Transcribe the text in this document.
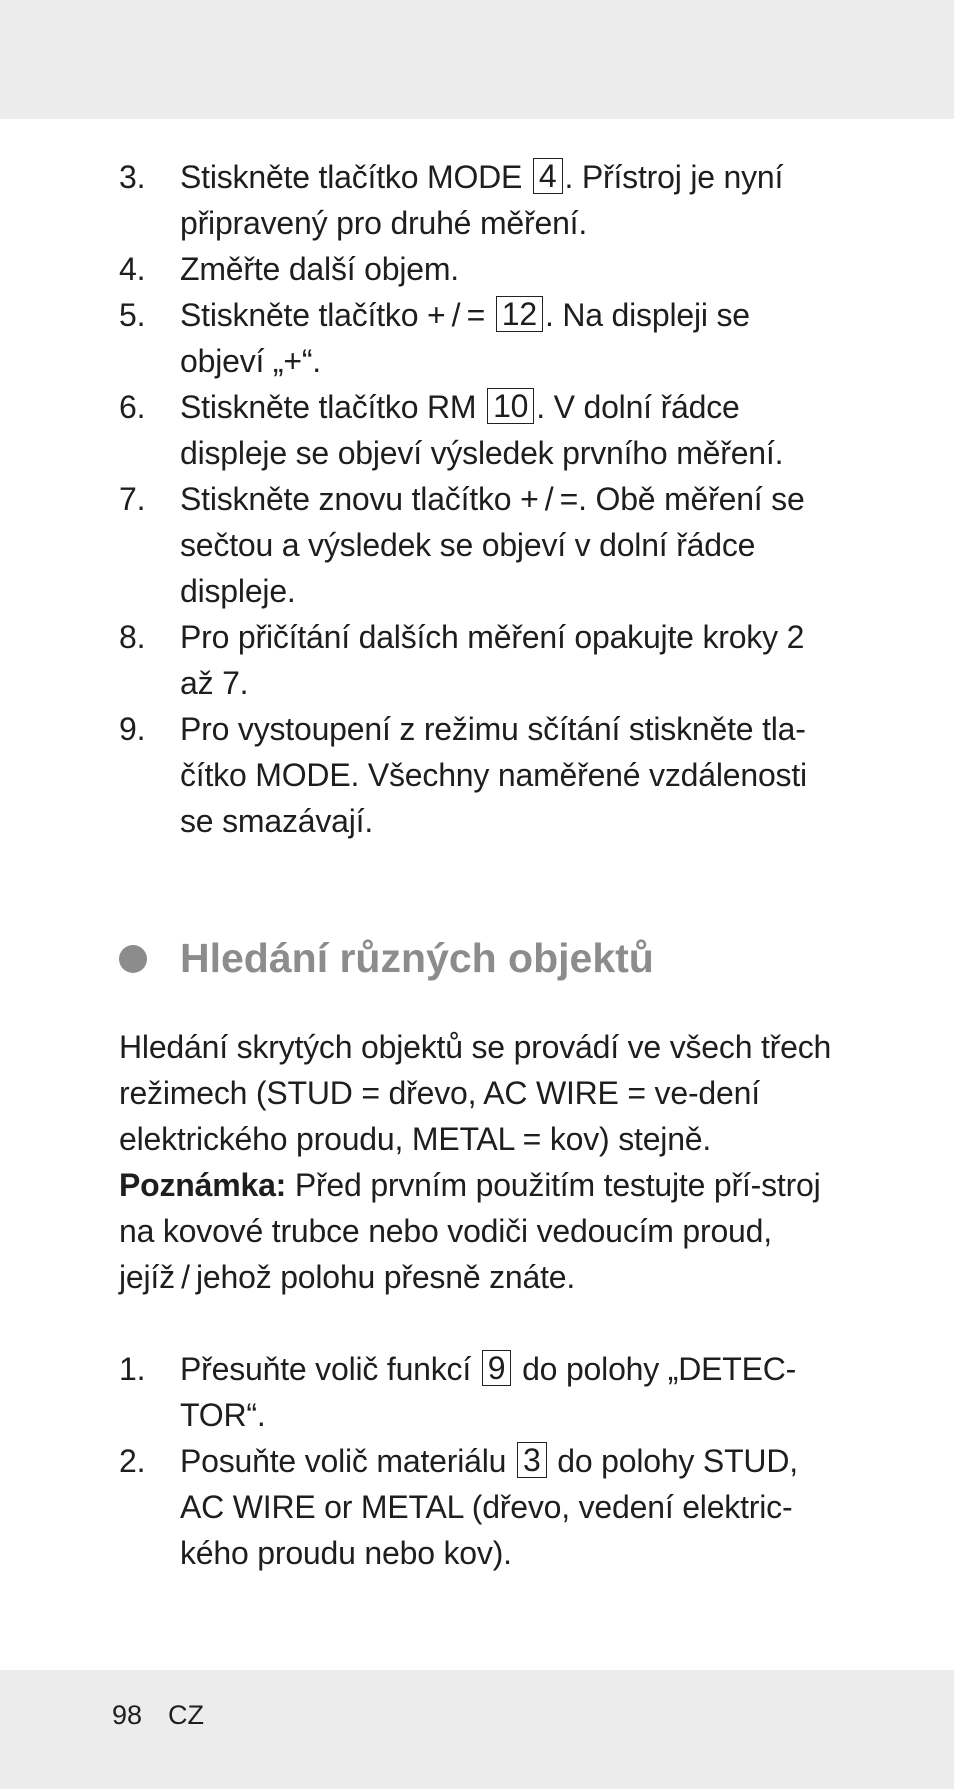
3. Stiskněte tlačítko MODE 4 . Přístroj je nyní připravený pro druhé měření.
4. Změřte další objem.
5. Stiskněte tlačítko + / = 12 . Na displeji se objeví „+“.
6. Stiskněte tlačítko RM 10 . V dolní řádce displeje se objeví výsledek prvního měření.
7. Stiskněte znovu tlačítko + / =. Obě měření se sečtou a výsledek se objeví v dolní řádce displeje.
8. Pro přičítání dalších měření opakujte kroky 2 až 7.
9. Pro vystoupení z režimu sčítání stiskněte tla-čítko MODE. Všechny naměřené vzdálenosti se smazávají.
Hledání různých objektů
Hledání skrytých objektů se provádí ve všech třech režimech (STUD = dřevo, AC WIRE = ve-dení elektrického proudu, METAL = kov) stejně. Poznámka: Před prvním použitím testujte pří-stroj na kovové trubce nebo vodiči vedoucím proud, jejíž / jehož polohu přesně znáte.
1. Přesuňte volič funkcí 9 do polohy „DETEC-TOR“.
2. Posuňte volič materiálu 3 do polohy STUD, AC WIRE or METAL (dřevo, vedení elektric-kého proudu nebo kov).
98 CZ
